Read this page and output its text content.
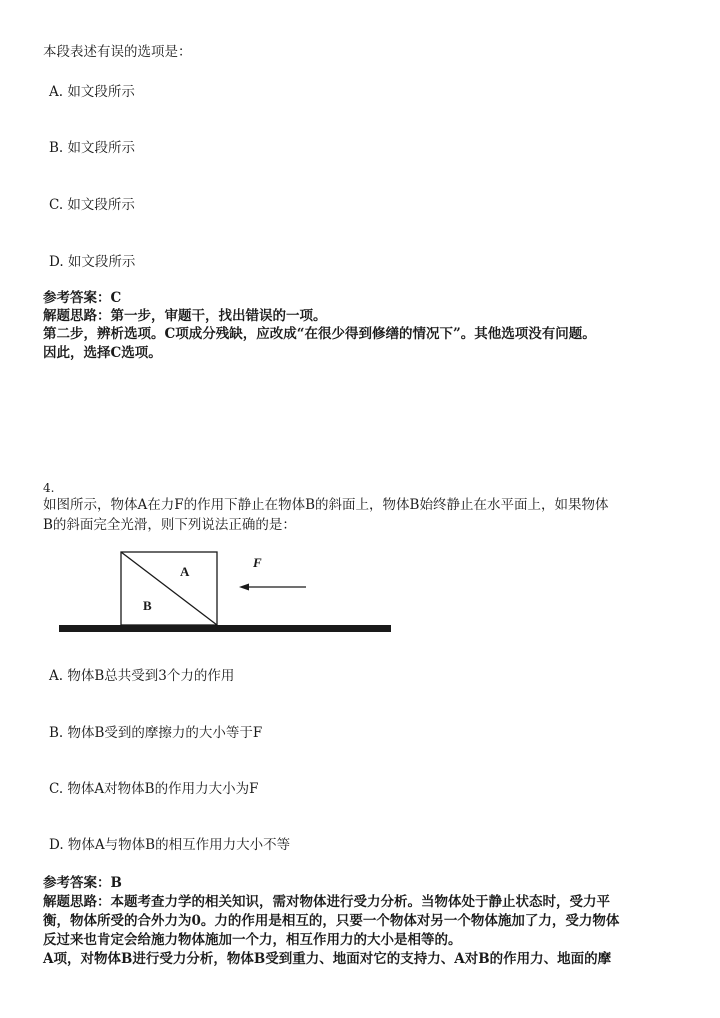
本段表述有误的选项是：
A. 如文段所示
B. 如文段所示
C. 如文段所示
D. 如文段所示
参考答案：C
解题思路：第一步，审题干，找出错误的一项。
第二步，辨析选项。C项成分残缺，应改成“在很少得到修缮的情况下”。其他选项没有问题。
因此，选择C选项。
4.
如图所示，物体A在力F的作用下静止在物体B的斜面上，物体B始终静止在水平面上，如果物体
B的斜面完全光滑，则下列说法正确的是：
A
B
F
A. 物体B总共受到3个力的作用
B. 物体B受到的摩擦力的大小等于F
C. 物体A对物体B的作用力大小为F
D. 物体A与物体B的相互作用力大小不等
参考答案：B
解题思路：本题考查力学的相关知识，需对物体进行受力分析。当物体处于静止状态时，受力平
衡，物体所受的合外力为0。力的作用是相互的，只要一个物体对另一个物体施加了力，受力物体
反过来也肯定会给施力物体施加一个力，相互作用力的大小是相等的。
A项，对物体B进行受力分析，物体B受到重力、地面对它的支持力、A对B的作用力、地面的摩
